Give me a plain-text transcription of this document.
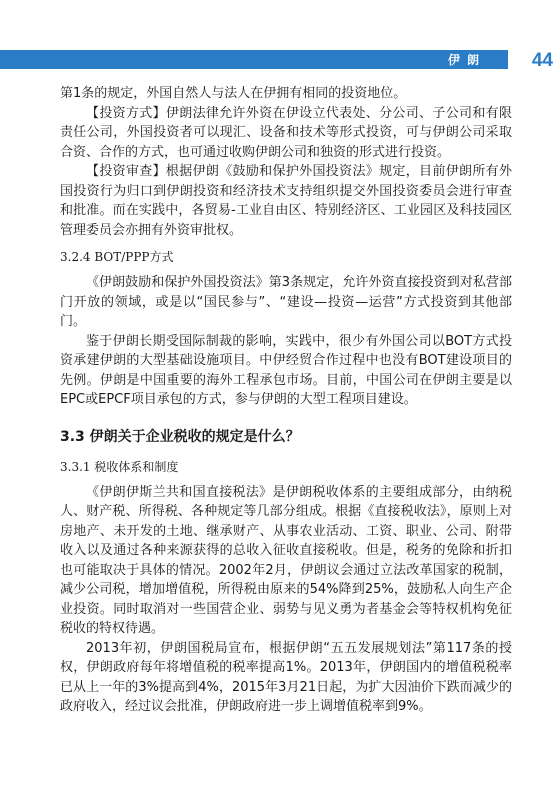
伊朗 44

第1条的规定，外国自然人与法人在伊拥有相同的投资地位。

【投资方式】伊朗法律允许外资在伊设立代表处、分公司、子公司和有限责任公司，外国投资者可以现汇、设备和技术等形式投资，可与伊朗公司采取合资、合作的方式，也可通过收购伊朗公司和独资的形式进行投资。

【投资审查】根据伊朗《鼓励和保护外国投资法》规定，目前伊朗所有外国投资行为归口到伊朗投资和经济技术支持组织提交外国投资委员会进行审查和批准。而在实践中，各贸易-工业自由区、特别经济区、工业园区及科技园区管理委员会亦拥有外资审批权。

3.2.4 BOT/PPP方式

《伊朗鼓励和保护外国投资法》第3条规定，允许外资直接投资到对私营部门开放的领域，或是以“国民参与”、“建设—投资—运营”方式投资到其他部门。

鉴于伊朗长期受国际制裁的影响，实践中，很少有外国公司以BOT方式投资承建伊朗的大型基础设施项目。中伊经贸合作过程中也没有BOT建设项目的先例。伊朗是中国重要的海外工程承包市场。目前，中国公司在伊朗主要是以EPC或EPCF项目承包的方式，参与伊朗的大型工程项目建设。

3.3 伊朗关于企业税收的规定是什么？
3.3.1 税收体系和制度

《伊朗伊斯兰共和国直接税法》是伊朗税收体系的主要组成部分，由纳税人、财产税、所得税、各种规定等几部分组成。根据《直接税收法》，原则上对房地产、未开发的土地、继承财产、从事农业活动、工资、职业、公司、附带收入以及通过各种来源获得的总收入征收直接税收。但是，税务的免除和折扣也可能取决于具体的情况。2002年2月，伊朗议会通过立法改革国家的税制，减少公司税，增加增值税，所得税由原来的54%降到25%，鼓励私人向生产企业投资。同时取消对一些国营企业、弱势与见义勇为者基金会等特权机构免征税收的特权待遇。

2013年初，伊朗国税局宣布，根据伊朗“五五发展规划法”第117条的授权，伊朗政府每年将增值税的税率提高1%。2013年，伊朗国内的增值税税率已从上一年的3%提高到4%，2015年3月21日起，为扩大因油价下跌而减少的政府收入，经过议会批准，伊朗政府进一步上调增值税率到9%。
